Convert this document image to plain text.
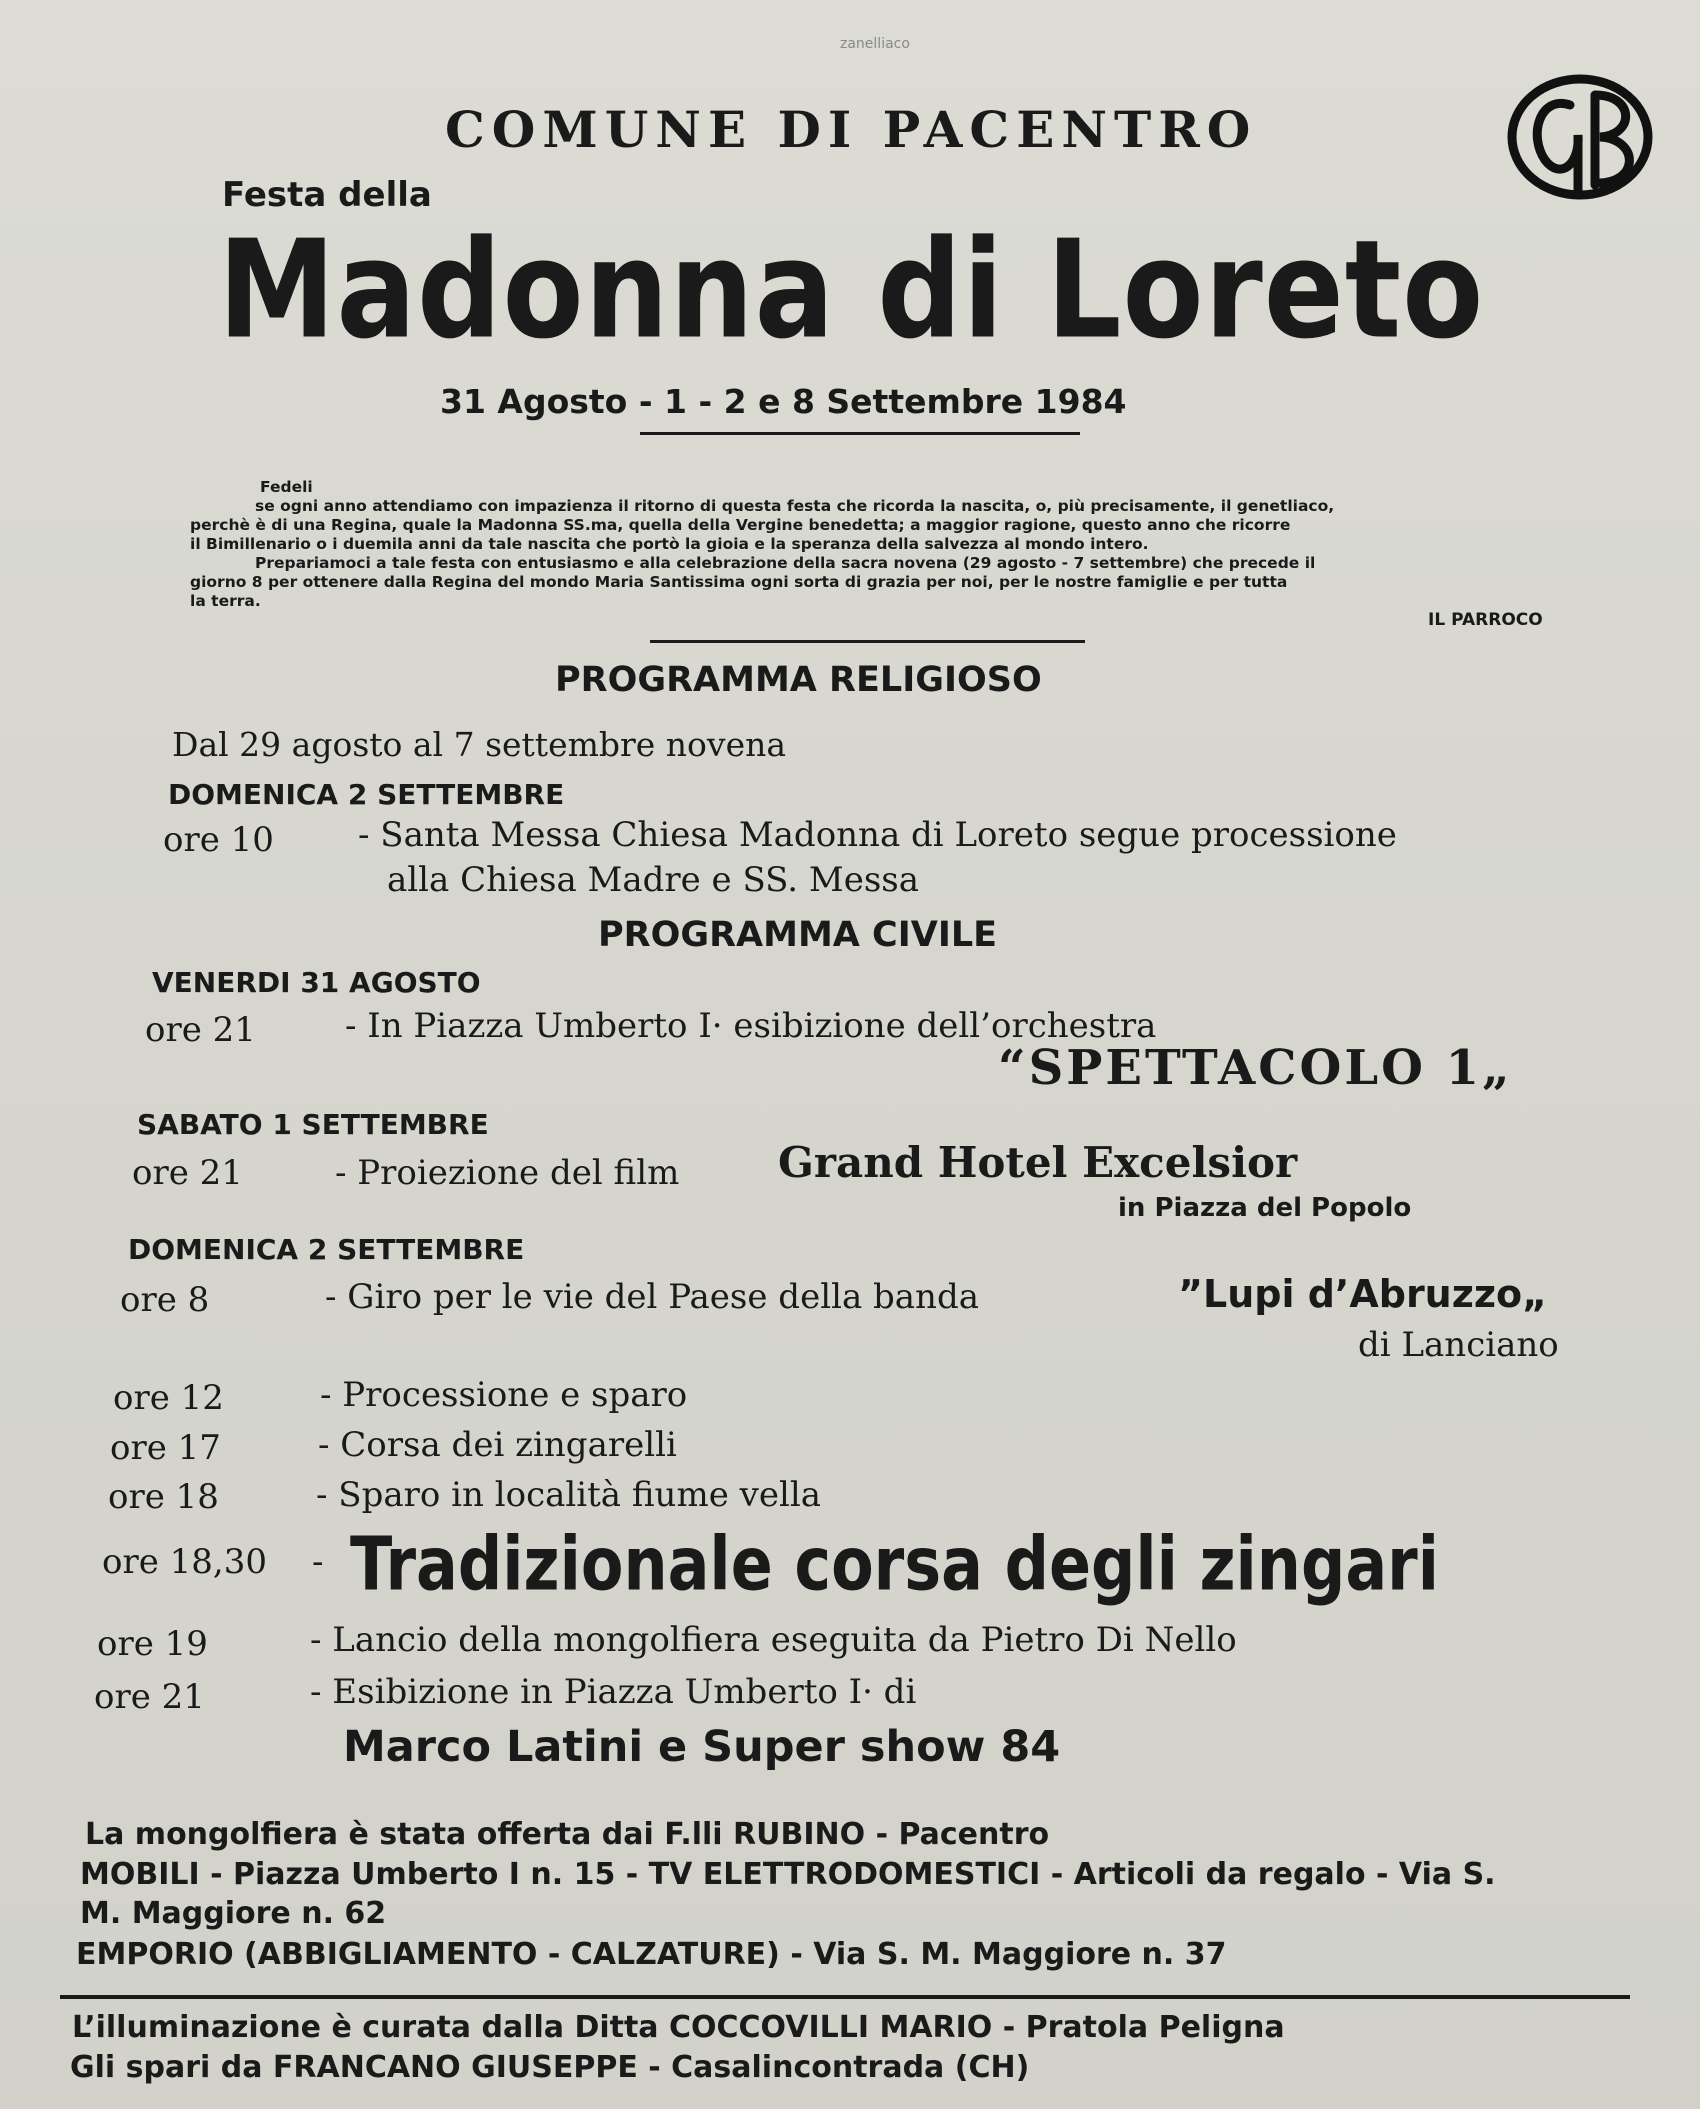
zanelliaco
COMUNE DI PACENTRO
Festa della
Madonna di Loreto
31 Agosto - 1 - 2 e 8 Settembre 1984

Fedeli

se ogni anno attendiamo con impazienza il ritorno di questa festa che ricorda la nascita, o, più precisamente, il genetliaco,

perchè è di una Regina, quale la Madonna SS.ma, quella della Vergine benedetta; a maggior ragione, questo anno che ricorre

il Bimillenario o i duemila anni da tale nascita che portò la gioia e la speranza della salvezza al mondo intero.

Prepariamoci a tale festa con entusiasmo e alla celebrazione della sacra novena (29 agosto - 7 settembre) che precede il

giorno 8 per ottenere dalla Regina del mondo Maria Santissima ogni sorta di grazia per noi, per le nostre famiglie e per tutta

la terra.

IL PARROCO
PROGRAMMA RELIGIOSO
Dal 29 agosto al 7 settembre novena
DOMENICA 2 SETTEMBRE
ore 10 - Santa Messa Chiesa Madonna di Loreto segue processione
alla Chiesa Madre e SS. Messa
PROGRAMMA CIVILE
VENERDI 31 AGOSTO
ore 21	- In Piazza Umberto I· esibizione dell’orchestra
“SPETTACOLO 1„
SABATO 1 SETTEMBRE
ore 21	- Proiezione del film Grand Hotel Excelsior
in Piazza del Popolo
DOMENICA 2 SETTEMBRE
ore 8	- Giro per le vie del Paese della banda	”Lupi d’Abruzzo„
di Lanciano
ore 12	- Processione e sparo
ore 17	- Corsa dei zingarelli
ore 18	- Sparo in località fiume vella
ore 18,30 - Tradizionale corsa degli zingari
ore 19	- Lancio della mongolfiera eseguita da Pietro Di Nello
ore 21	- Esibizione in Piazza Umberto I· di
Marco Latini e Super show 84
La mongolfiera è stata offerta dai F.lli RUBINO - Pacentro
MOBILI - Piazza Umberto I n. 15 - TV ELETTRODOMESTICI - Articoli da regalo - Via S.
M. Maggiore n. 62
EMPORIO (ABBIGLIAMENTO - CALZATURE) - Via S. M. Maggiore n. 37
L’illuminazione è curata dalla Ditta COCCOVILLI MARIO - Pratola Peligna
Gli spari da FRANCANO GIUSEPPE - Casalincontrada (CH)
